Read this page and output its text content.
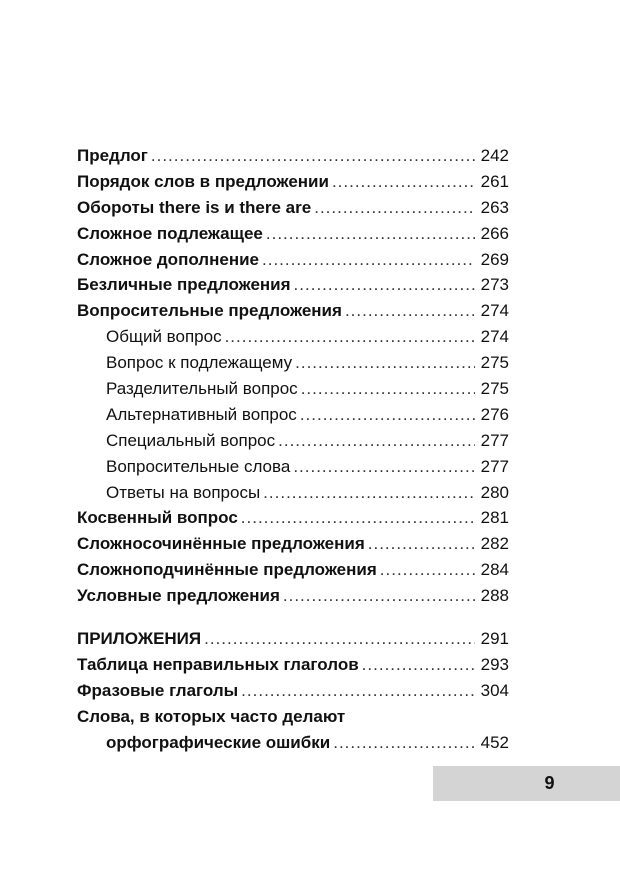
Предлог .....	242
Порядок слов в предложении .....	261
Обороты there is и there are .....	263
Сложное подлежащее .....	266
Сложное дополнение .....	269
Безличные предложения .....	273
Вопросительные предложения .....	274
Общий вопрос .....	274
Вопрос к подлежащему .....	275
Разделительный вопрос .....	275
Альтернативный вопрос .....	276
Специальный вопрос .....	277
Вопросительные слова .....	277
Ответы на вопросы .....	280
Косвенный вопрос .....	281
Сложносочинённые предложения .....	282
Сложноподчинённые предложения .....	284
Условные предложения .....	288
ПРИЛОЖЕНИЯ .....	291
Таблица неправильных глаголов .....	293
Фразовые глаголы .....	304
Слова, в которых часто делают
орфографические ошибки .....	452
9
